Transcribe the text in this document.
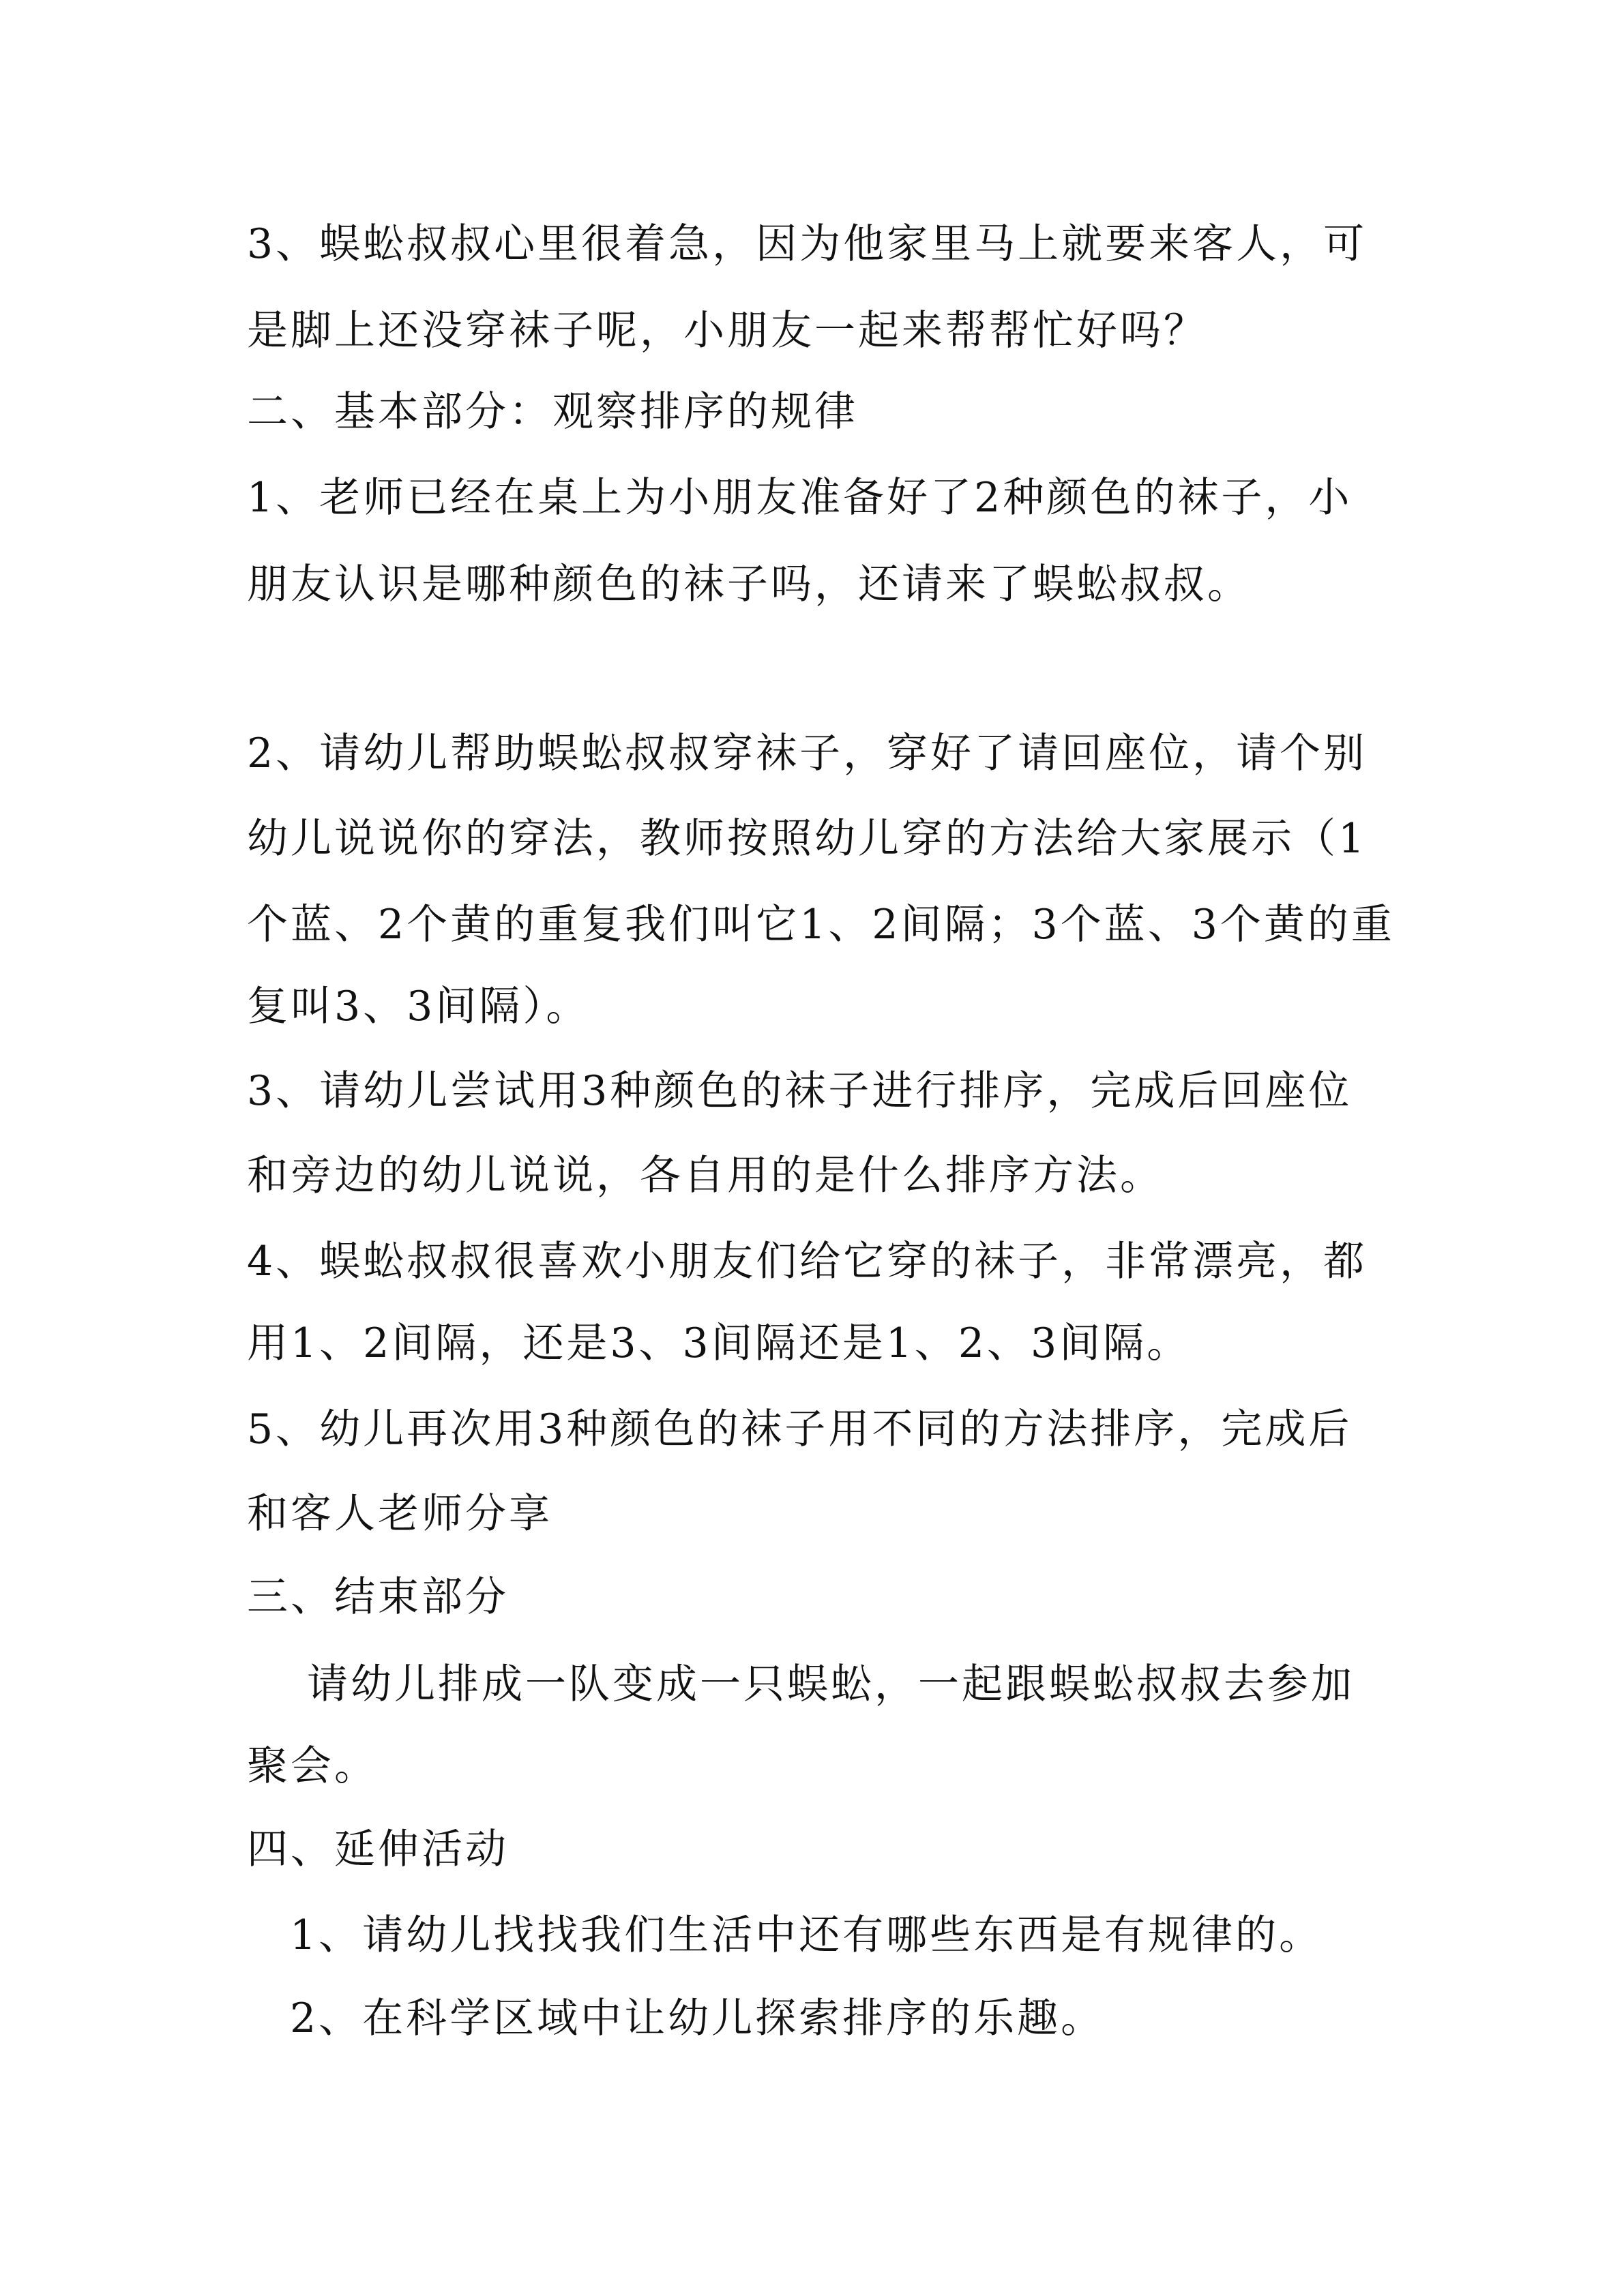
3、蜈蚣叔叔心里很着急，因为他家里马上就要来客人，可
是脚上还没穿袜子呢，小朋友一起来帮帮忙好吗？
二、基本部分：观察排序的规律
1、老师已经在桌上为小朋友准备好了2种颜色的袜子，小
朋友认识是哪种颜色的袜子吗，还请来了蜈蚣叔叔。
2、请幼儿帮助蜈蚣叔叔穿袜子，穿好了请回座位，请个别
幼儿说说你的穿法，教师按照幼儿穿的方法给大家展示（1
个蓝、2个黄的重复我们叫它1、2间隔；3个蓝、3个黄的重
复叫3、3间隔）。
3、请幼儿尝试用3种颜色的袜子进行排序，完成后回座位
和旁边的幼儿说说，各自用的是什么排序方法。
4、蜈蚣叔叔很喜欢小朋友们给它穿的袜子，非常漂亮，都
用1、2间隔，还是3、3间隔还是1、2、3间隔。
5、幼儿再次用3种颜色的袜子用不同的方法排序，完成后
和客人老师分享
三、结束部分
请幼儿排成一队变成一只蜈蚣，一起跟蜈蚣叔叔去参加
聚会。
四、延伸活动
1、请幼儿找找我们生活中还有哪些东西是有规律的。
2、在科学区域中让幼儿探索排序的乐趣。
